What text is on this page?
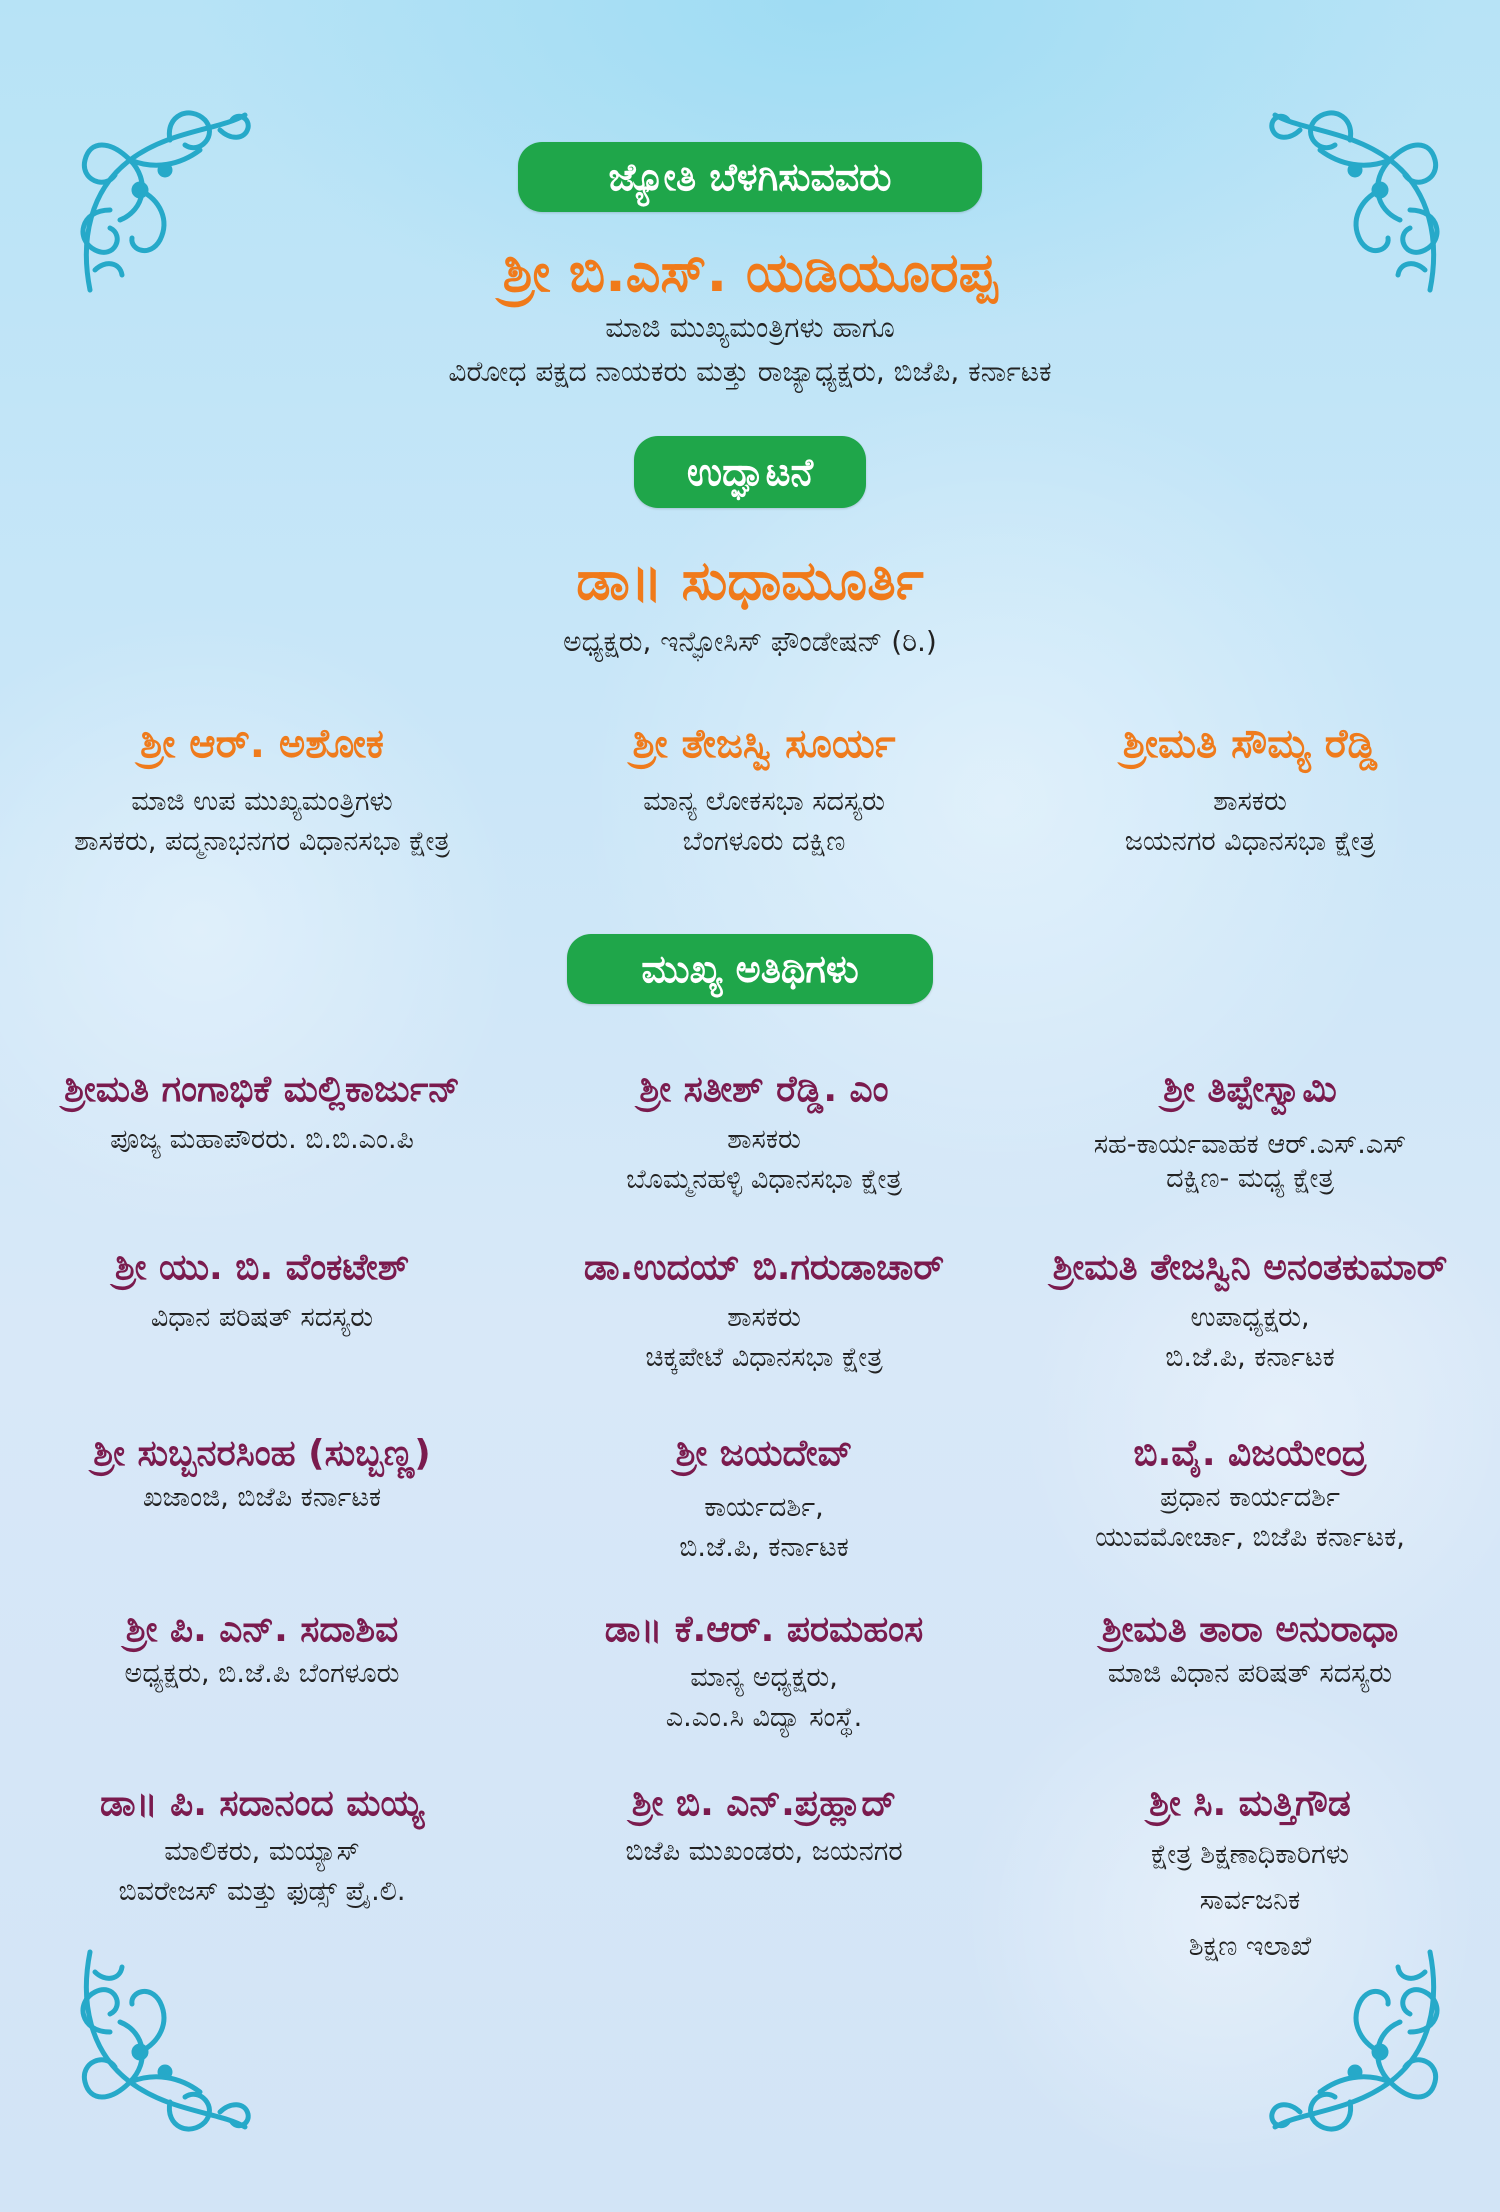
ಜ್ಯೋತಿ ಬೆಳಗಿಸುವವರು
ಶ್ರೀ ಬಿ.ಎಸ್. ಯಡಿಯೂರಪ್ಪ
ಮಾಜಿ ಮುಖ್ಯಮಂತ್ರಿಗಳು ಹಾಗೂ
ವಿರೋಧ ಪಕ್ಷದ ನಾಯಕರು ಮತ್ತು ರಾಜ್ಯಾಧ್ಯಕ್ಷರು, ಬಿಜೆಪಿ, ಕರ್ನಾಟಕ
ಉದ್ಘಾಟನೆ
ಡಾ॥ ಸುಧಾಮೂರ್ತಿ
ಅಧ್ಯಕ್ಷರು, ಇನ್ಫೋಸಿಸ್ ಫೌಂಡೇಷನ್ (ರಿ.)
ಶ್ರೀ ಆರ್. ಅಶೋಕ
ಮಾಜಿ ಉಪ ಮುಖ್ಯಮಂತ್ರಿಗಳು
ಶಾಸಕರು, ಪದ್ಮನಾಭನಗರ ವಿಧಾನಸಭಾ ಕ್ಷೇತ್ರ
ಶ್ರೀ ತೇಜಸ್ವಿ ಸೂರ್ಯ
ಮಾನ್ಯ ಲೋಕಸಭಾ ಸದಸ್ಯರು
ಬೆಂಗಳೂರು ದಕ್ಷಿಣ
ಶ್ರೀಮತಿ ಸೌಮ್ಯ ರೆಡ್ಡಿ
ಶಾಸಕರು
ಜಯನಗರ ವಿಧಾನಸಭಾ ಕ್ಷೇತ್ರ
ಮುಖ್ಯ ಅತಿಥಿಗಳು
ಶ್ರೀಮತಿ ಗಂಗಾಭಿಕೆ ಮಲ್ಲಿಕಾರ್ಜುನ್
ಪೂಜ್ಯ ಮಹಾಪೌರರು. ಬಿ.ಬಿ.ಎಂ.ಪಿ
ಶ್ರೀ ಸತೀಶ್ ರೆಡ್ಡಿ. ಎಂ
ಶಾಸಕರು
ಬೊಮ್ಮನಹಳ್ಳಿ ವಿಧಾನಸಭಾ ಕ್ಷೇತ್ರ
ಶ್ರೀ ತಿಪ್ಪೇಸ್ವಾಮಿ
ಸಹ-ಕಾರ್ಯವಾಹಕ ಆರ್.ಎಸ್.ಎಸ್
ದಕ್ಷಿಣ- ಮಧ್ಯ ಕ್ಷೇತ್ರ
ಶ್ರೀ ಯು. ಬಿ. ವೆಂಕಟೇಶ್
ವಿಧಾನ ಪರಿಷತ್ ಸದಸ್ಯರು
ಡಾ.ಉದಯ್ ಬಿ.ಗರುಡಾಚಾರ್
ಶಾಸಕರು
ಚಿಕ್ಕಪೇಟೆ ವಿಧಾನಸಭಾ ಕ್ಷೇತ್ರ
ಶ್ರೀಮತಿ ತೇಜಸ್ವಿನಿ ಅನಂತಕುಮಾರ್
ಉಪಾಧ್ಯಕ್ಷರು,
ಬಿ.ಜೆ.ಪಿ, ಕರ್ನಾಟಕ
ಶ್ರೀ ಸುಬ್ಬನರಸಿಂಹ (ಸುಬ್ಬಣ್ಣ)
ಖಜಾಂಜಿ, ಬಿಜೆಪಿ ಕರ್ನಾಟಕ
ಶ್ರೀ ಜಯದೇವ್
ಕಾರ್ಯದರ್ಶಿ,
ಬಿ.ಜೆ.ಪಿ, ಕರ್ನಾಟಕ
ಬಿ.ವೈ. ವಿಜಯೇಂದ್ರ
ಪ್ರಧಾನ ಕಾರ್ಯದರ್ಶಿ
ಯುವಮೋರ್ಚಾ, ಬಿಜೆಪಿ ಕರ್ನಾಟಕ,
ಶ್ರೀ ಪಿ. ಎನ್. ಸದಾಶಿವ
ಅಧ್ಯಕ್ಷರು, ಬಿ.ಜೆ.ಪಿ ಬೆಂಗಳೂರು
ಡಾ॥ ಕೆ.ಆರ್. ಪರಮಹಂಸ
ಮಾನ್ಯ ಅಧ್ಯಕ್ಷರು,
ಎ.ಎಂ.ಸಿ ವಿದ್ಯಾ ಸಂಸ್ಥೆ.
ಶ್ರೀಮತಿ ತಾರಾ ಅನುರಾಧಾ
ಮಾಜಿ ವಿಧಾನ ಪರಿಷತ್ ಸದಸ್ಯರು
ಡಾ॥ ಪಿ. ಸದಾನಂದ ಮಯ್ಯ
ಮಾಲಿಕರು, ಮಯ್ಯಾಸ್
ಬಿವರೇಜಸ್ ಮತ್ತು ಫುಡ್ಸ್ ಪ್ರೈ.ಲಿ.
ಶ್ರೀ ಬಿ. ಎನ್.ಪ್ರಹ್ಲಾದ್
ಬಿಜೆಪಿ ಮುಖಂಡರು, ಜಯನಗರ
ಶ್ರೀ ಸಿ. ಮತ್ತಿಗೌಡ
ಕ್ಷೇತ್ರ ಶಿಕ್ಷಣಾಧಿಕಾರಿಗಳು
ಸಾರ್ವಜನಿಕ
ಶಿಕ್ಷಣ ಇಲಾಖೆ
